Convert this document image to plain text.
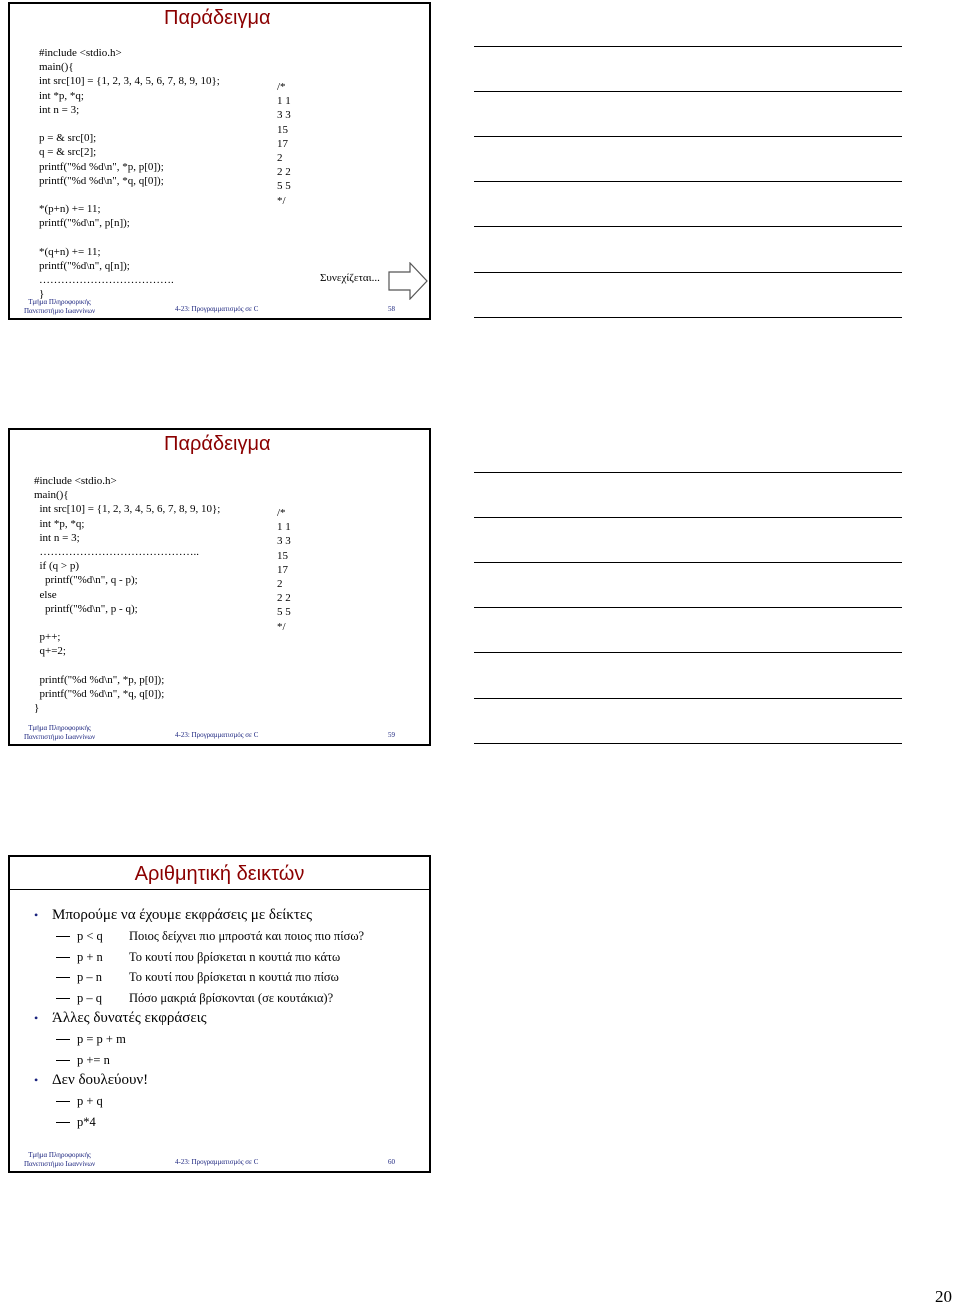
Παράδειγμα
#include <stdio.h>
main(){
int src[10] = {1, 2, 3, 4, 5, 6, 7, 8, 9, 10};
int *p, *q;
int n = 3;
p = & src[0];
q = & src[2];
printf("%d %d\n", *p, p[0]);
printf("%d %d\n", *q, q[0]);
*(p+n) += 11;
printf("%d\n", p[n]);
*(q+n) += 11;
printf("%d\n", q[n]);
……………………………….
}
/*
1 1
3 3
15
17
2
2 2
5 5
*/
Συνεχίζεται...
Τμήμα Πληροφορικής
Πανεπιστήμιο Ιωαννίνων	4-23: Προγραμματισμός σε C	58
Παράδειγμα
#include <stdio.h>
main(){
int src[10] = {1, 2, 3, 4, 5, 6, 7, 8, 9, 10};
int *p, *q;
int n = 3;
……………………………………..
if (q > p)
printf("%d\n", q - p);
else
printf("%d\n", p - q);
p++;
q+=2;
printf("%d %d\n", *p, p[0]);
printf("%d %d\n", *q, q[0]);
}
/*
1 1
3 3
15
17
2
2 2
5 5
*/
Τμήμα Πληροφορικής
Πανεπιστήμιο Ιωαννίνων	4-23: Προγραμματισμός σε C	59
Αριθμητική δεικτών
• Μπορούμε να έχουμε εκφράσεις με δείκτες
p < q Ποιος δείχνει πιο μπροστά και ποιος πιο πίσω?
p + n Το κουτί που βρίσκεται n κουτιά πιο κάτω
p – n Το κουτί που βρίσκεται n κουτιά πιο πίσω
p – q Πόσο μακριά βρίσκονται (σε κουτάκια)?
• Άλλες δυνατές εκφράσεις
p = p + m
p += n
• Δεν δουλεύουν!
p + q
p*4
Τμήμα Πληροφορικής
Πανεπιστήμιο Ιωαννίνων	4-23: Προγραμματισμός σε C	60
20
